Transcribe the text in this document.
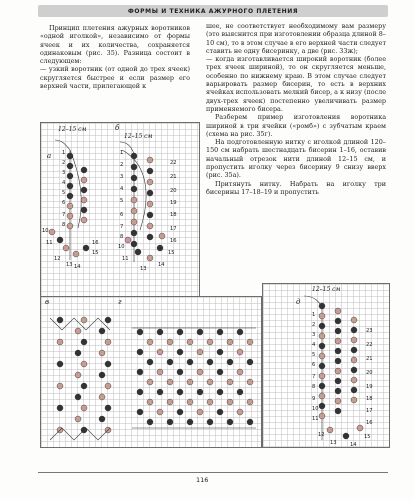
ФОРМЫ И ТЕХНИКА АЖУРНОГО ПЛЕТЕНИЯ

Принцип плетения ажурных воротников «одной иголкой», независимо от формы ячеек и их количества, сохраняется одинаковым (рис. 35). Разница состоит в следующем:

— узкий воротник (от одной до трех ячеек) скругляется быстрее и если размер его верхней части, прилегающей к

шее, не соответствует необходимому вам размеру (это выяснится при изготовлении образца длиной 8–10 см), то в этом случае в его верхней части следует ставить не одну бисеринку, а две (рис. 33ж);

— когда изготавливается широкий воротник (более трех ячеек шириной), то он скругляется меньше, особенно по нижнему краю. В этом случае следует варьировать размер бисерин, то есть в верхних ячейках использовать мелкий бисер, а к низу (после двух-трех ячеек) постепенно увеличивать размер применяемого бисера.

Разберем пример изготовления воротника шириной в три ячейки («ромб») с зубчатым краем (схема на рис. 35г).

На подготовленную нитку с иголкой длиной 120–150 см набрать шестнадцать бисерин 1–16, оставив начальный отрезок нити длиной 12–15 см, и пропустить иголку через бисерину 9 снизу вверх (рис. 35а).

Притянуть нитку. Набрать на иголку три бисерины 17–18–19 и пропустить

а
б
в	г	д
12–15 см
12–15 см
12–15 см
1
2
3
4
5
6
7
8
10
11
12
13 14
15
16
1
2
3
4
5
6
7
8
10
11
13
14
15
16
17
18
19
20
21
22
1
2
3
4
5
6
7
8
9
10
11
12
13	14
15
16
17
18
19
20
21
22
23
116
